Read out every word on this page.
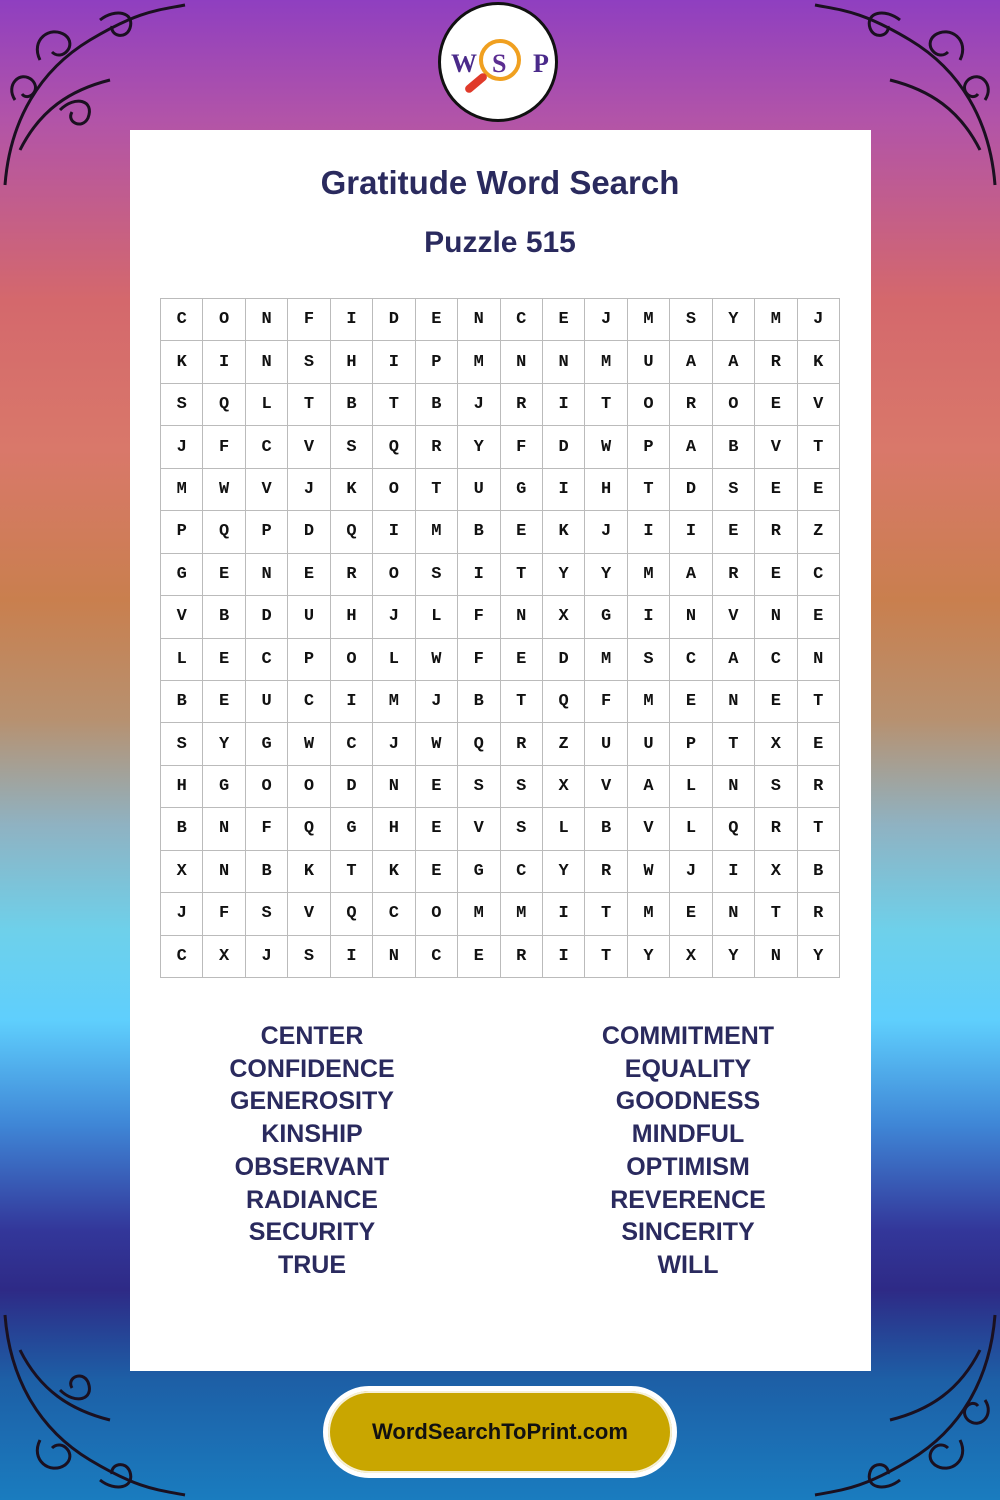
W S P
Gratitude Word Search
Puzzle 515
C	O	N	F	I	D	E	N	C	E	J	M	S	Y	M	J
K	I	N	S	H	I	P	M	N	N	M	U	A	A	R	K
S	Q	L	T	B	T	B	J	R	I	T	O	R	O	E	V
J	F	C	V	S	Q	R	Y	F	D	W	P	A	B	V	T
M	W	V	J	K	O	T	U	G	I	H	T	D	S	E	E
P	Q	P	D	Q	I	M	B	E	K	J	I	I	E	R	Z
G	E	N	E	R	O	S	I	T	Y	Y	M	A	R	E	C
V	B	D	U	H	J	L	F	N	X	G	I	N	V	N	E
L	E	C	P	O	L	W	F	E	D	M	S	C	A	C	N
B	E	U	C	I	M	J	B	T	Q	F	M	E	N	E	T
S	Y	G	W	C	J	W	Q	R	Z	U	U	P	T	X	E
H	G	O	O	D	N	E	S	S	X	V	A	L	N	S	R
B	N	F	Q	G	H	E	V	S	L	B	V	L	Q	R	T
X	N	B	K	T	K	E	G	C	Y	R	W	J	I	X	B
J	F	S	V	Q	C	O	M	M	I	T	M	E	N	T	R
C	X	J	S	I	N	C	E	R	I	T	Y	X	Y	N	Y
CENTER
CONFIDENCE
GENEROSITY
KINSHIP
OBSERVANT
RADIANCE
SECURITY
TRUE
COMMITMENT
EQUALITY
GOODNESS
MINDFUL
OPTIMISM
REVERENCE
SINCERITY
WILL
WordSearchToPrint.com
